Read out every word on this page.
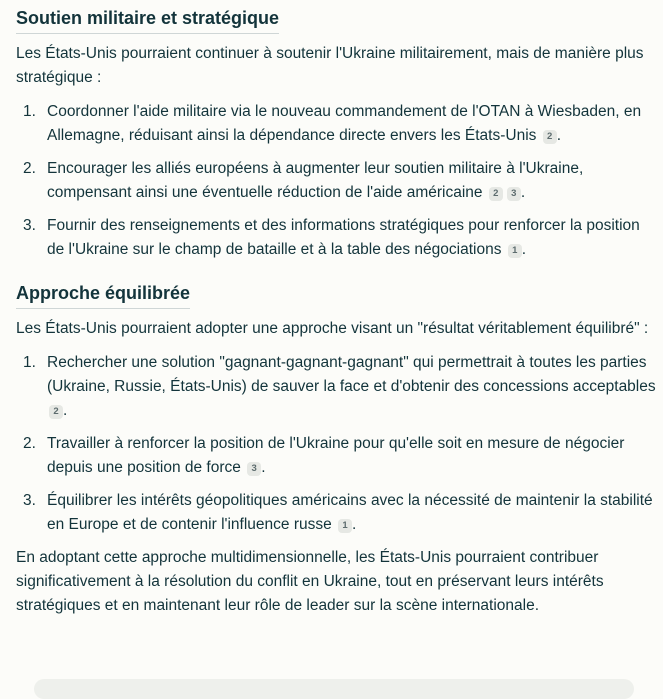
Soutien militaire et stratégique

Les États-Unis pourraient continuer à soutenir l'Ukraine militairement, mais de manière plus stratégique :

1. Coordonner l'aide militaire via le nouveau commandement de l'OTAN à Wiesbaden, en Allemagne, réduisant ainsi la dépendance directe envers les États-Unis 2 .
2. Encourager les alliés européens à augmenter leur soutien militaire à l'Ukraine, compensant ainsi une éventuelle réduction de l'aide américaine 2 3 .
3. Fournir des renseignements et des informations stratégiques pour renforcer la position de l'Ukraine sur le champ de bataille et à la table des négociations 1 .
Approche équilibrée

Les États-Unis pourraient adopter une approche visant un "résultat véritablement équilibré" :

1. Rechercher une solution "gagnant-gagnant-gagnant" qui permettrait à toutes les parties (Ukraine, Russie, États-Unis) de sauver la face et d'obtenir des concessions acceptables 2 .
2. Travailler à renforcer la position de l'Ukraine pour qu'elle soit en mesure de négocier depuis une position de force 3 .
3. Équilibrer les intérêts géopolitiques américains avec la nécessité de maintenir la stabilité en Europe et de contenir l'influence russe 1 .

En adoptant cette approche multidimensionnelle, les États-Unis pourraient contribuer significativement à la résolution du conflit en Ukraine, tout en préservant leurs intérêts stratégiques et en maintenant leur rôle de leader sur la scène internationale.
